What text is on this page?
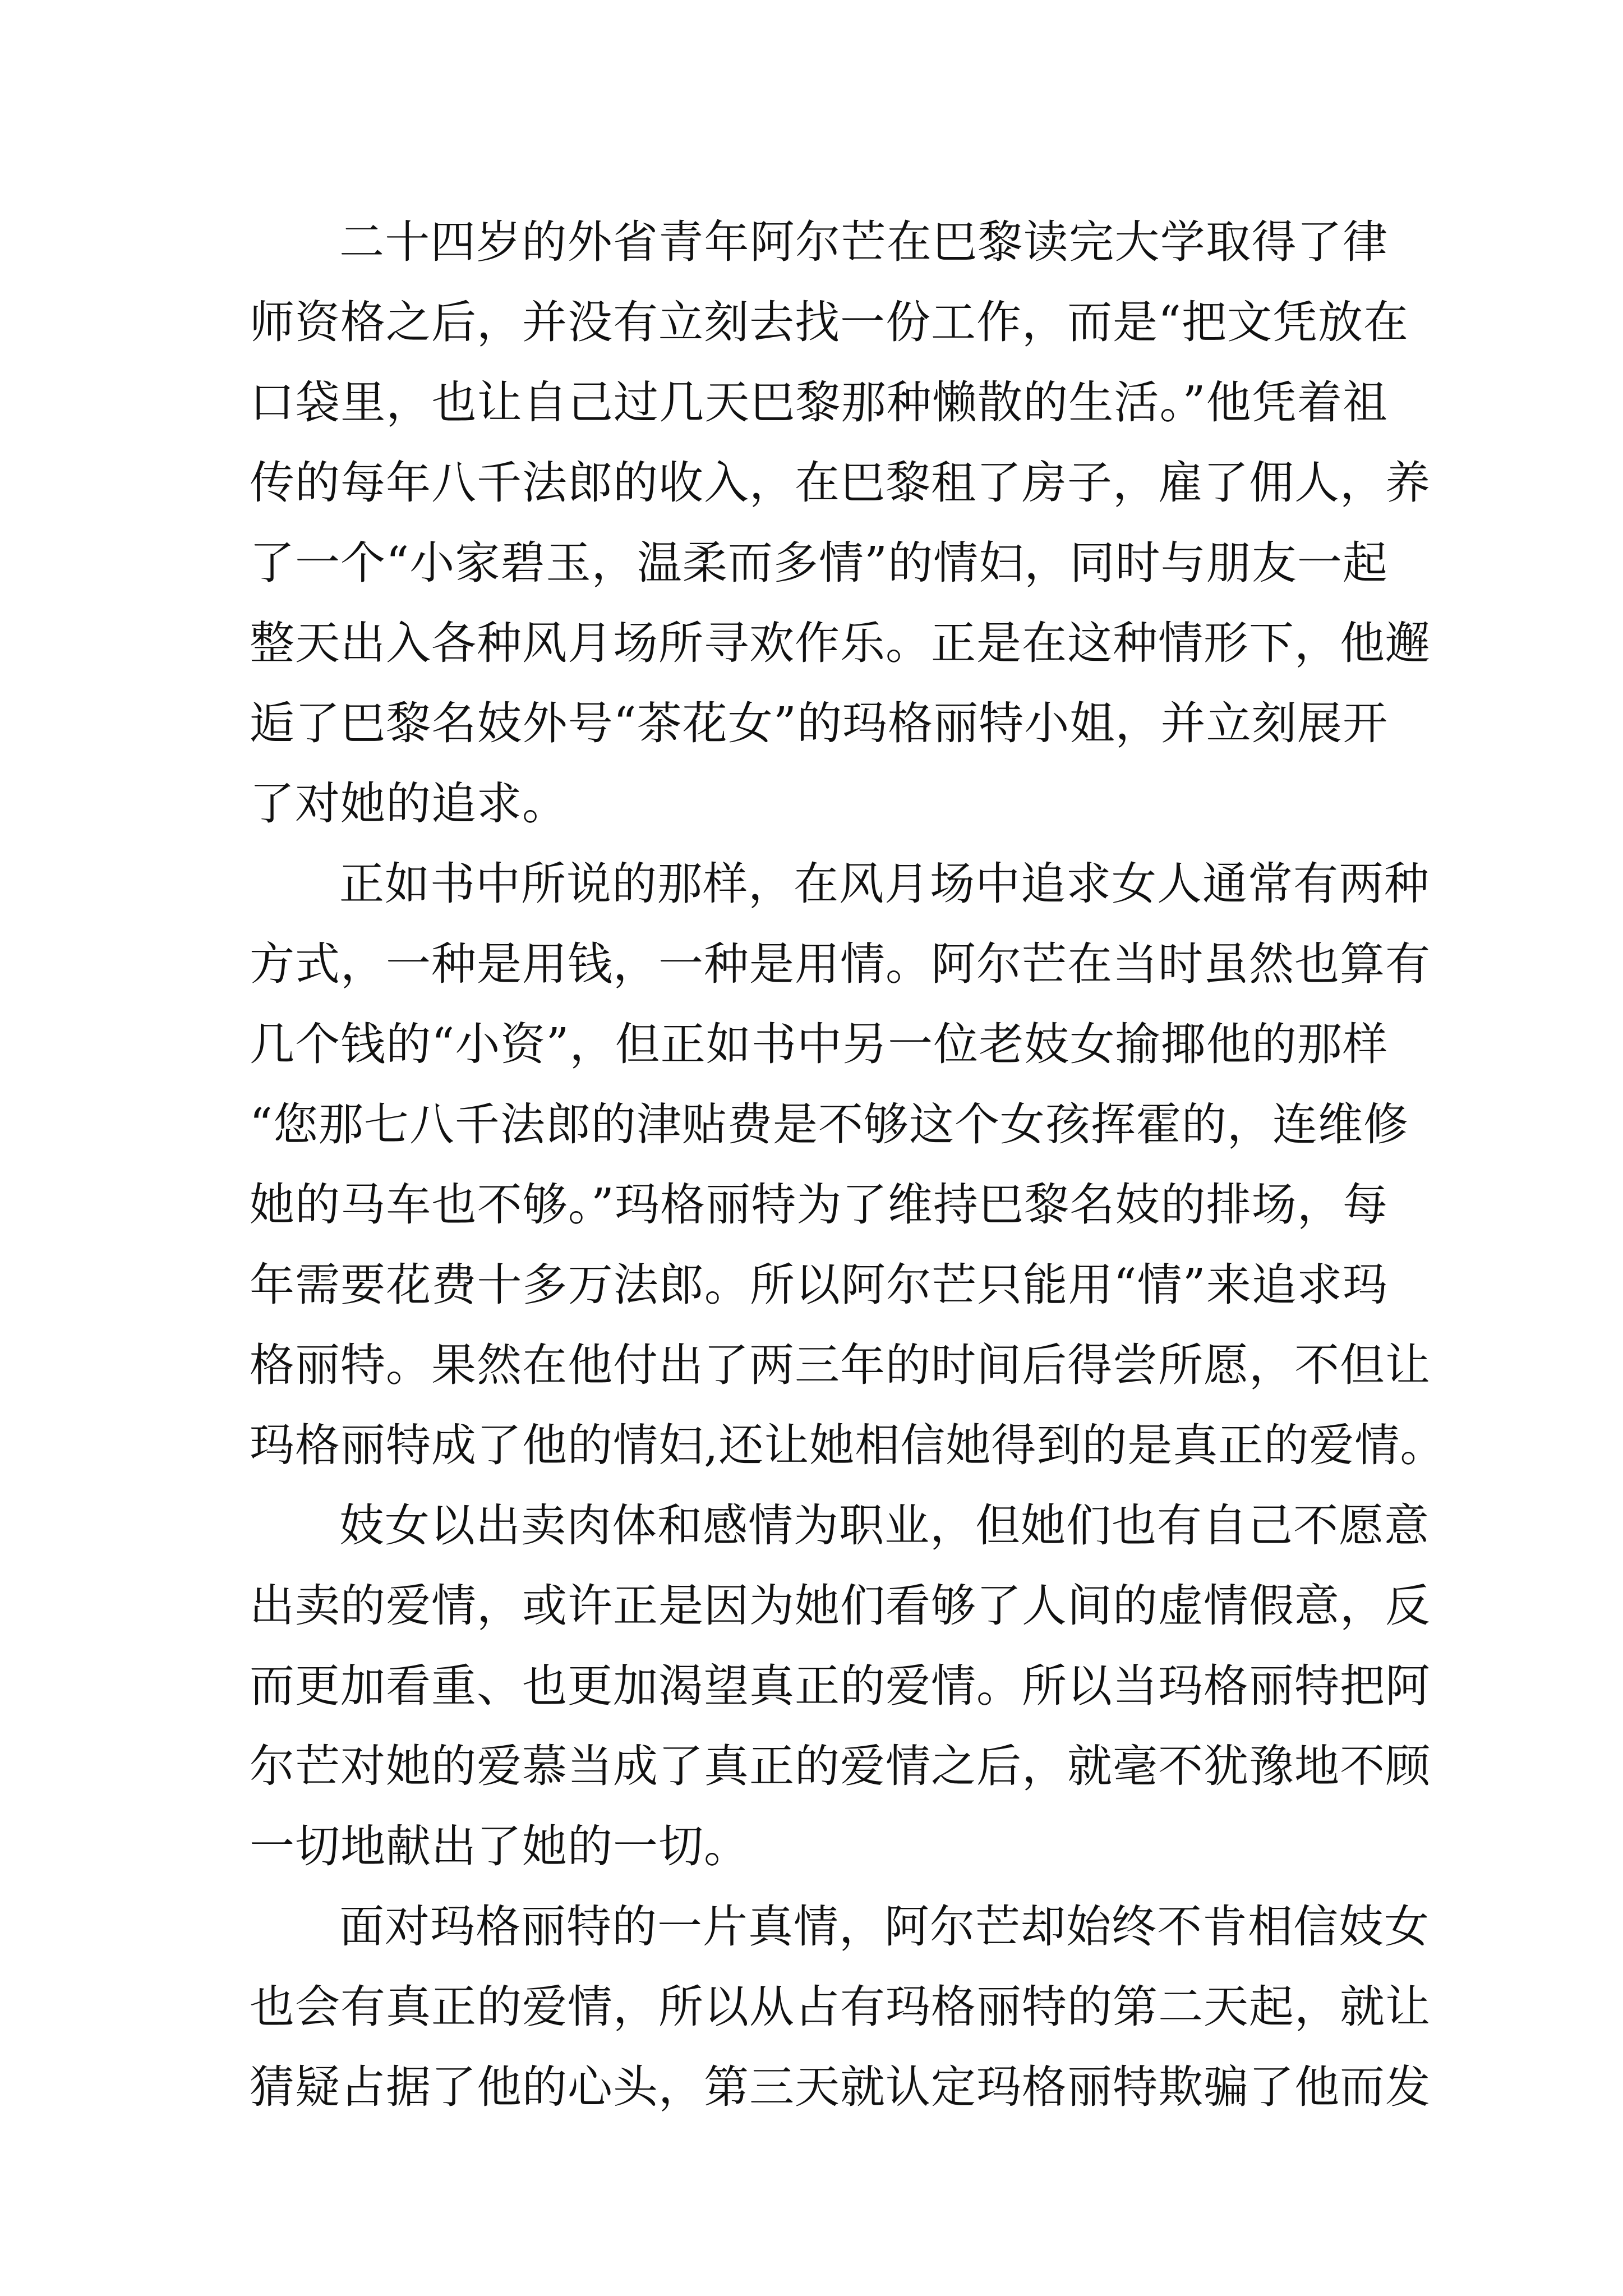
二十四岁的外省青年阿尔芒在巴黎读完大学取得了律
师资格之后，并没有立刻去找一份工作，而是“把文凭放在
口袋里，也让自己过几天巴黎那种懒散的生活。”他凭着祖
传的每年八千法郎的收入，在巴黎租了房子，雇了佣人，养
了一个“小家碧玉，温柔而多情”的情妇，同时与朋友一起
整天出入各种风月场所寻欢作乐。正是在这种情形下，他邂
逅了巴黎名妓外号“茶花女”的玛格丽特小姐，并立刻展开
了对她的追求。
正如书中所说的那样，在风月场中追求女人通常有两种
方式，一种是用钱，一种是用情。阿尔芒在当时虽然也算有
几个钱的“小资”，但正如书中另一位老妓女揄揶他的那样
“您那七八千法郎的津贴费是不够这个女孩挥霍的，连维修
她的马车也不够。”玛格丽特为了维持巴黎名妓的排场，每
年需要花费十多万法郎。所以阿尔芒只能用“情”来追求玛
格丽特。果然在他付出了两三年的时间后得尝所愿，不但让
玛格丽特成了他的情妇,还让她相信她得到的是真正的爱情。
妓女以出卖肉体和感情为职业，但她们也有自己不愿意
出卖的爱情，或许正是因为她们看够了人间的虚情假意，反
而更加看重、也更加渴望真正的爱情。所以当玛格丽特把阿
尔芒对她的爱慕当成了真正的爱情之后，就毫不犹豫地不顾
一切地献出了她的一切。
面对玛格丽特的一片真情，阿尔芒却始终不肯相信妓女
也会有真正的爱情，所以从占有玛格丽特的第二天起，就让
猜疑占据了他的心头，第三天就认定玛格丽特欺骗了他而发
